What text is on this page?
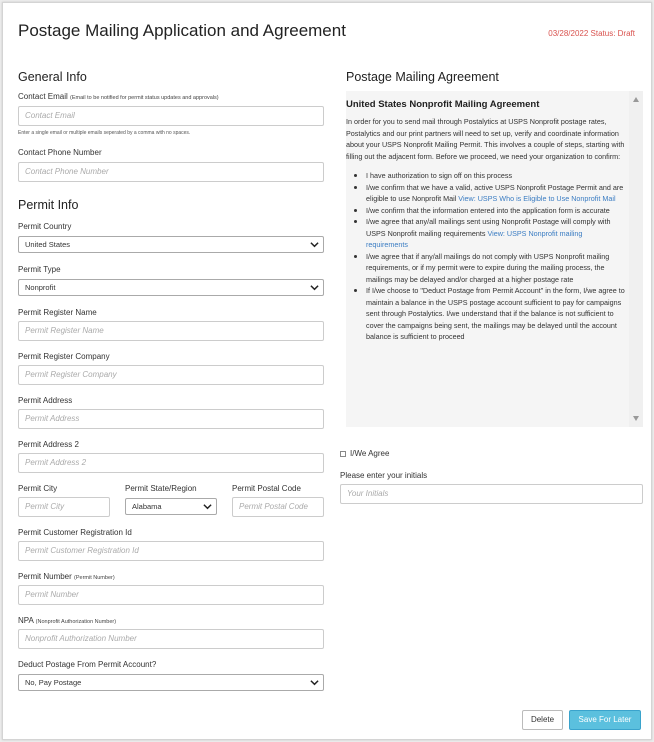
Postage Mailing Application and Agreement	03/28/2022 Status: Draft
General Info
Contact Email (Email to be notified for permit status updates and approvals)
Contact Email
Enter a single email or multiple emails seperated by a comma with no spaces.
Contact Phone Number
Contact Phone Number
Permit Info
Permit Country
United States
Permit Type
Nonprofit
Permit Register Name
Permit Register Name
Permit Register Company
Permit Register Company
Permit Address
Permit Address
Permit Address 2
Permit Address 2
Permit City
Permit City
Permit State/Region
Alabama
Permit Postal Code
Permit Postal Code
Permit Customer Registration Id
Permit Customer Registration Id
Permit Number (Permit Number)
Permit Number
NPA (Nonprofit Authorization Number)
Nonprofit Authorization Number
Deduct Postage From Permit Account?
No, Pay Postage
Postage Mailing Agreement
United States Nonprofit Mailing Agreement
In order for you to send mail through Postalytics at USPS Nonprofit postage rates, Postalytics and our print partners will need to set up, verify and coordinate information about your USPS Nonprofit Mailing Permit. This involves a couple of steps, starting with filling out the adjacent form. Before we proceed, we need your organization to confirm:
I have authorization to sign off on this process
I/we confirm that we have a valid, active USPS Nonprofit Postage Permit and are eligible to use Nonprofit Mail View: USPS Who is Eligible to Use Nonprofit Mail
I/we confirm that the information entered into the application form is accurate
I/we agree that any/all mailings sent using Nonprofit Postage will comply with USPS Nonprofit mailing requirements View: USPS Nonprofit mailing requirements
I/we agree that if any/all mailings do not comply with USPS Nonprofit mailing requirements, or if my permit were to expire during the mailing process, the mailings may be delayed and/or charged at a higher postage rate
If I/we choose to "Deduct Postage from Permit Account" in the form, I/we agree to maintain a balance in the USPS postage account sufficient to pay for campaigns sent through Postalytics. I/we understand that if the balance is not sufficient to cover the campaigns being sent, the mailings may be delayed until the account balance is sufficient to proceed
I/We Agree
Please enter your initials
Your Initials
Delete	Save For Later
